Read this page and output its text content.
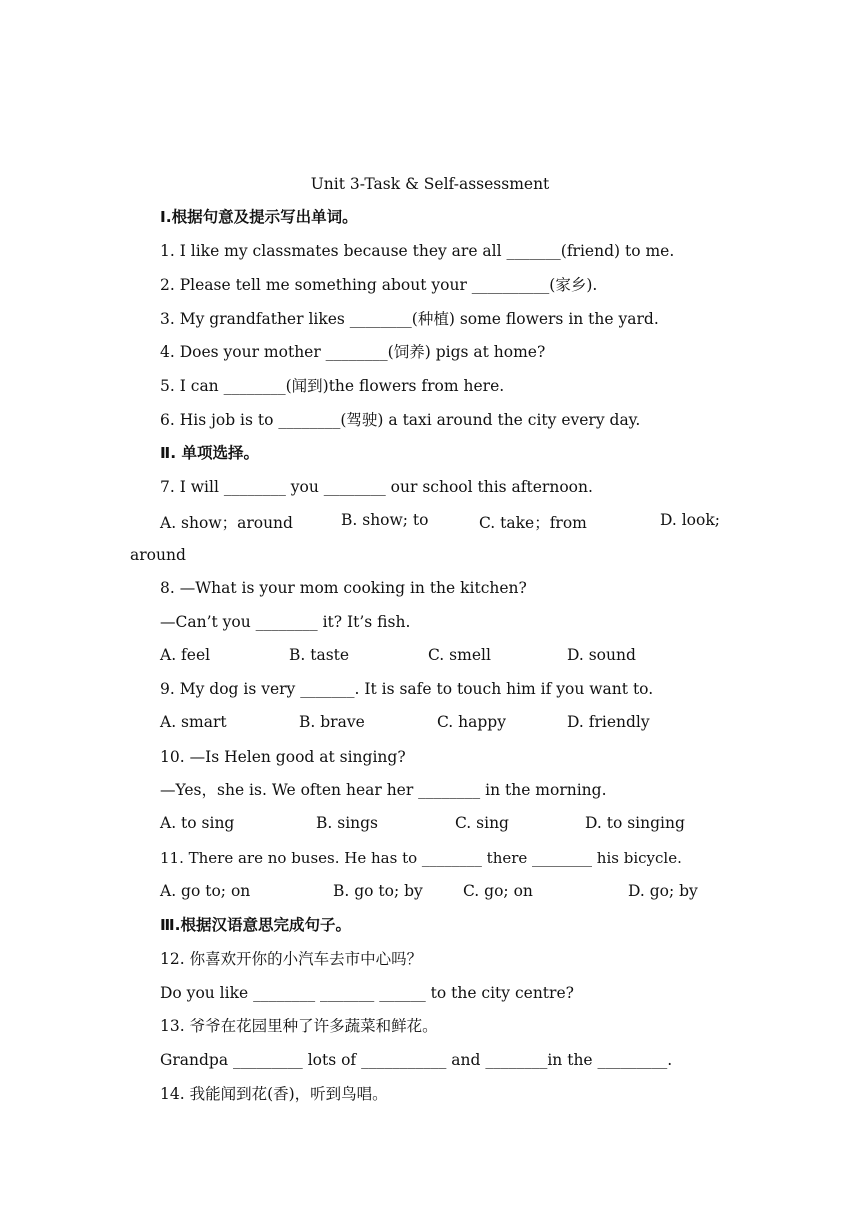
Unit 3-Task & Self-assessment
Ⅰ.根据句意及提示写出单词。
1. I like my classmates because they are all _______(friend) to me.
2. Please tell me something about your __________(家乡).
3. My grandfather likes ________(种植) some flowers in the yard.
4. Does your mother ________(饲养) pigs at home?
5. I can ________(闻到)the flowers from here.
6. His job is to ________(驾驶) a taxi around the city every day.
Ⅱ. 单项选择。
7. I will ________ you ________ our school this afternoon.
A. show；around	B. show; to	C. take；from	D. look;
around
8. —What is your mom cooking in the kitchen?
—Can’t you ________ it? It’s fish.
A. feel	B. taste	C. smell	D. sound
9. My dog is very _______. It is safe to touch him if you want to.
A. smart	B. brave	C. happy	D. friendly
10. —Is Helen good at singing?
—Yes，she is. We often hear her ________ in the morning.
A. to sing	B. sings	C. sing	D. to singing
11. There are no buses. He has to ________ there ________ his bicycle.
A. go to; on	B. go to; by	C. go; on	D. go; by
Ⅲ.根据汉语意思完成句子。
12. 你喜欢开你的小汽车去市中心吗？
Do you like ________ _______ ______ to the city centre?
13. 爷爷在花园里种了许多蔬菜和鲜花。
Grandpa _________ lots of ___________ and ________in the _________.
14. 我能闻到花(香)，听到鸟唱。
